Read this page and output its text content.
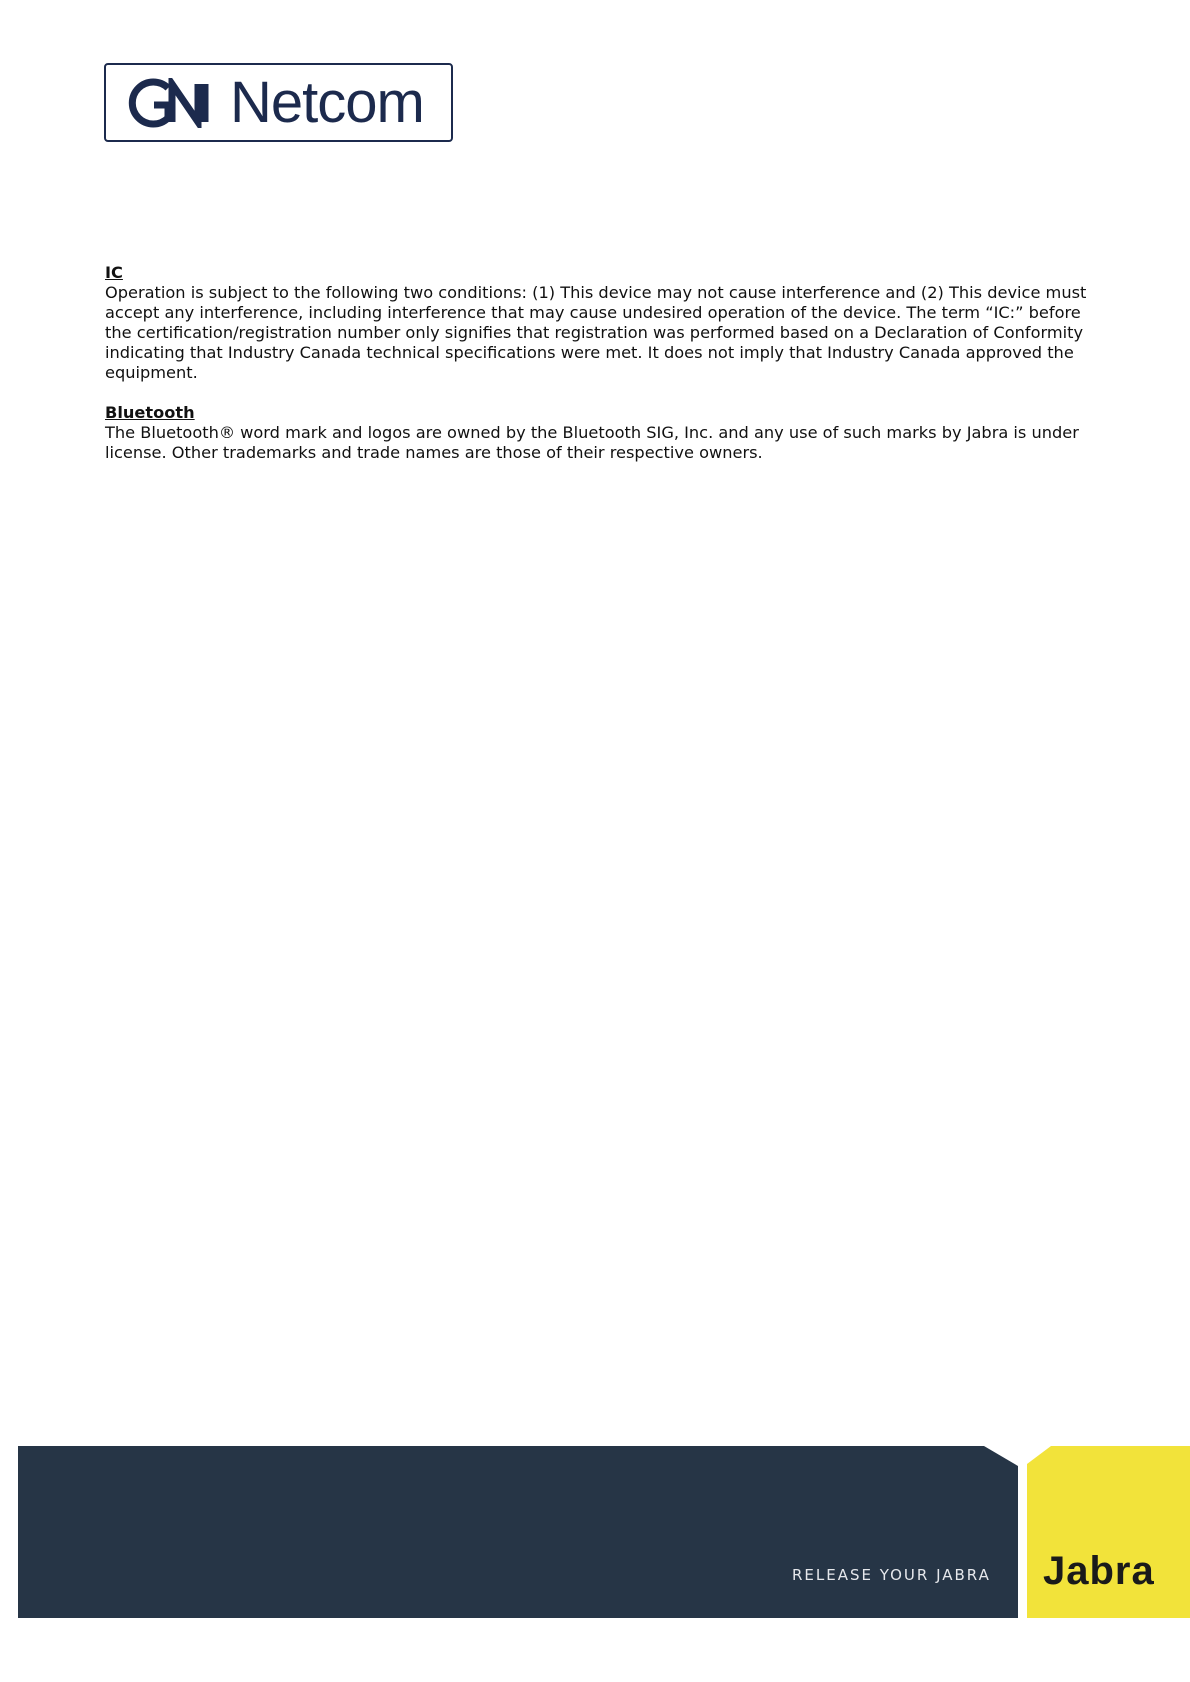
Netcom

IC

Operation is subject to the following two conditions: (1) This device may not cause interference and (2) This device must accept any interference, including interference that may cause undesired operation of the device. The term “IC:” before the certification/registration number only signifies that registration was performed based on a Declaration of Conformity indicating that Industry Canada technical specifications were met. It does not imply that Industry Canada approved the equipment.

Bluetooth

The Bluetooth® word mark and logos are owned by the Bluetooth SIG, Inc. and any use of such marks by Jabra is under license. Other trademarks and trade names are those of their respective owners.

RELEASE YOUR JABRA Jabra
